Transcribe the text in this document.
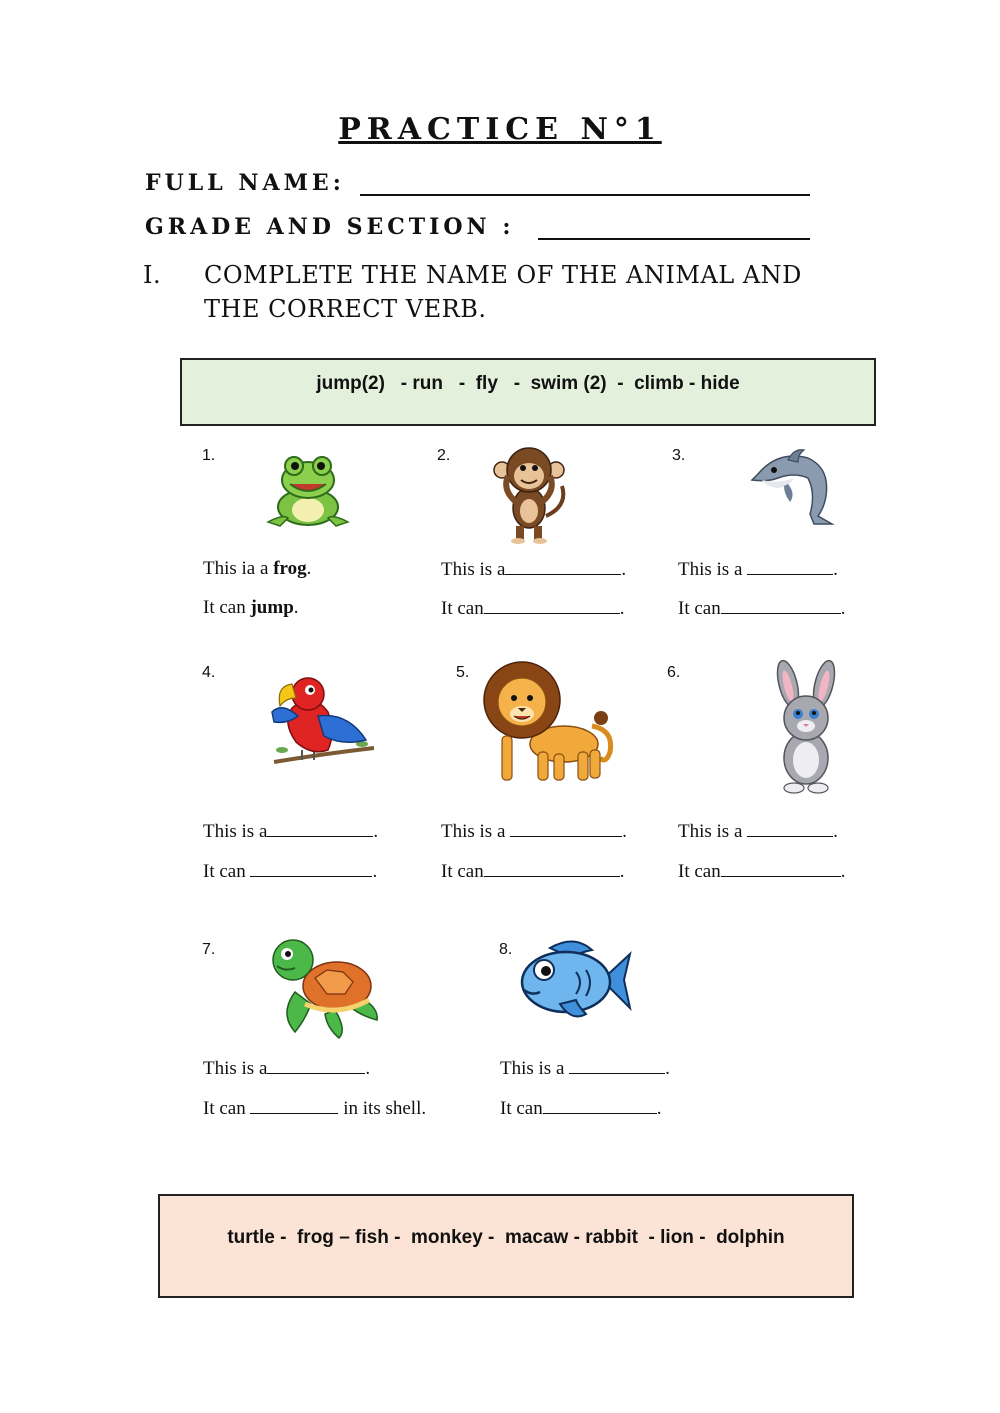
PRACTICE N°1
FULL NAME:
GRADE AND SECTION :
I. COMPLETE THE NAME OF THE ANIMAL AND
THE CORRECT VERB.
jump(2)   - run   -  fly   -  swim (2)  -  climb - hide
1.
This ia a frog.
It can jump.
2.
This is a	.
It can	.
3.
This is a	.
It can	.
4.
This is a	.
It can	.
5.
This is a	.
It can	.
6.
This is a	.
It can	.
7.
This is a	.
It can	in its shell.
8.
This is a	.
It can	.
turtle -  frog – fish -  monkey -  macaw - rabbit  - lion -  dolphin
